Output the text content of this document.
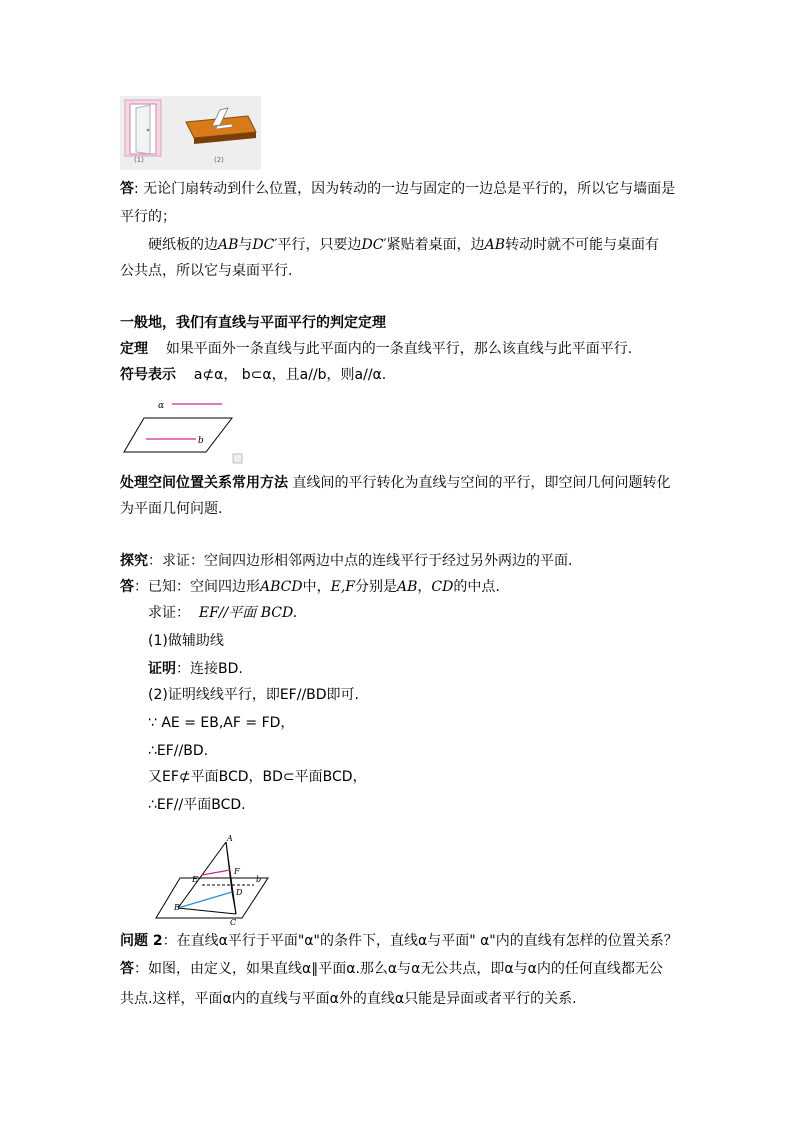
(1)	(2)
答: 无论门扇转动到什么位置，因为转动的一边与固定的一边总是平行的，所以它与墙面是
平行的；
硬纸板的边AB与DC′平行，只要边DC′紧贴着桌面，边AB转动时就不可能与桌面有
公共点，所以它与桌面平行.
一般地，我们有直线与平面平行的判定定理
定理 如果平面外一条直线与此平面内的一条直线平行，那么该直线与此平面平行.
符号表示 a⊄α， b⊂α，且a//b，则a//α.
α
b
处理空间位置关系常用方法 直线间的平行转化为直线与空间的平行，即空间几何问题转化
为平面几何问题.
探究：求证：空间四边形相邻两边中点的连线平行于经过另外两边的平面.
答：已知：空间四边形ABCD中，E,F分别是AB，CD的中点.
求证： EF//平面 BCD.
(1)做辅助线
证明：连接BD.
(2)证明线线平行，即EF//BD即可.
∵ AE = EB,AF = FD，
∴EF//BD.
又EF⊄平面BCD，BD⊂平面BCD，
∴EF//平面BCD.
A
E
F
D
b
B
C
问题 2：在直线α平行于平面"α"的条件下，直线α与平面" α"内的直线有怎样的位置关系？
答：如图，由定义，如果直线α∥平面α.那么α与α无公共点，即α与α内的任何直线都无公
共点.这样，平面α内的直线与平面α外的直线α只能是异面或者平行的关系.
